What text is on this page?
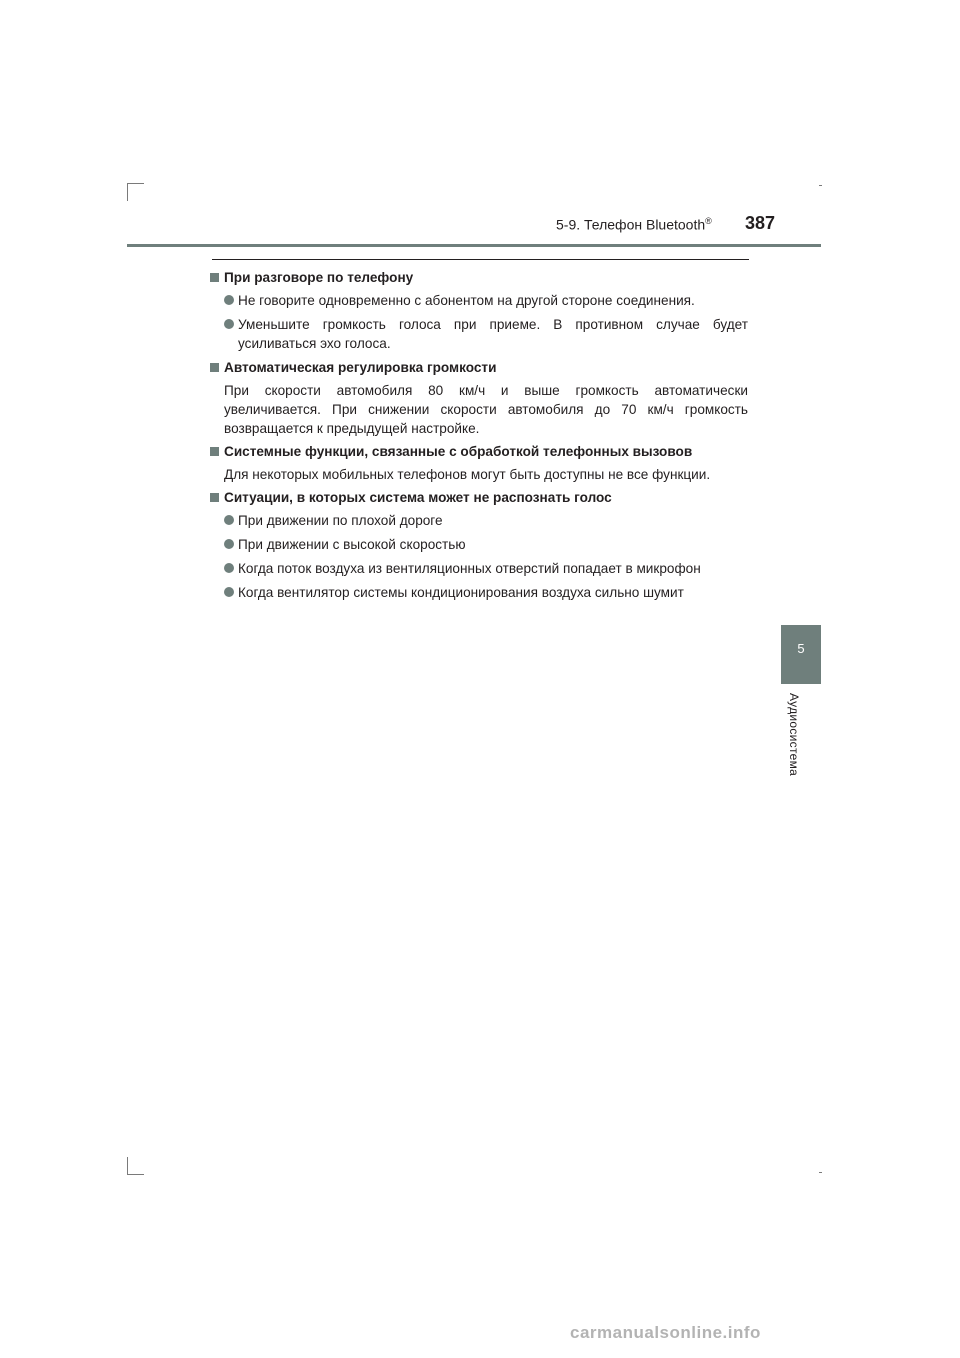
5-9. Телефон Bluetooth® 387
При разговоре по телефону
Не говорите одновременно с абонентом на другой стороне соединения.
Уменьшите громкость голоса при приеме. В противном случае будет усиливаться эхо голоса.
Автоматическая регулировка громкости
При скорости автомобиля 80 км/ч и выше громкость автоматически увеличивается. При снижении скорости автомобиля до 70 км/ч громкость возвращается к предыдущей настройке.
Системные функции, связанные с обработкой телефонных вызовов
Для некоторых мобильных телефонов могут быть доступны не все функции.
Ситуации, в которых система может не распознать голос
При движении по плохой дороге
При движении с высокой скоростью
Когда поток воздуха из вентиляционных отверстий попадает в микрофон
Когда вентилятор системы кондиционирования воздуха сильно шумит
5
Аудиосистема
carmanualsonline.info
